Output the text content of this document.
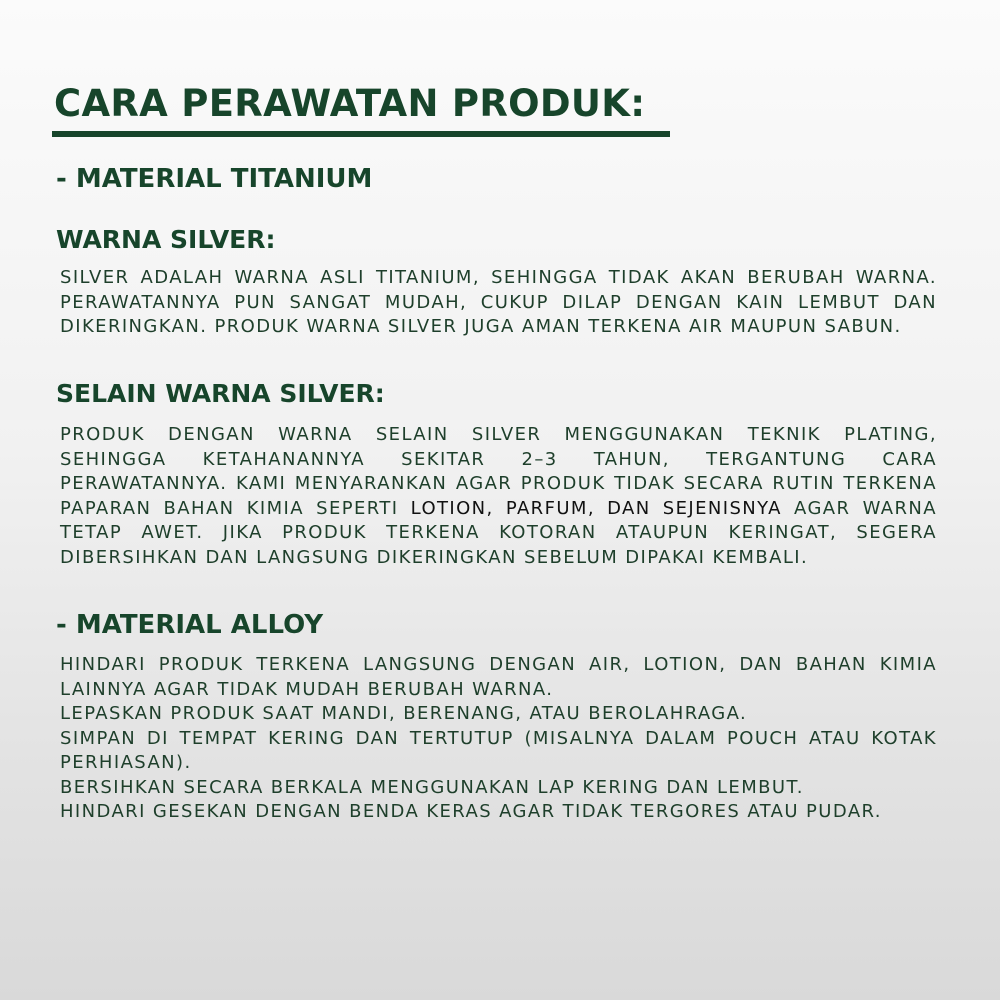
CARA PERAWATAN PRODUK:
- MATERIAL TITANIUM
WARNA SILVER:

SILVER ADALAH WARNA ASLI TITANIUM, SEHINGGA TIDAK AKAN BERUBAH WARNA. PERAWATANNYA PUN SANGAT MUDAH, CUKUP DILAP DENGAN KAIN LEMBUT DAN DIKERINGKAN. PRODUK WARNA SILVER JUGA AMAN TERKENA AIR MAUPUN SABUN.

SELAIN WARNA SILVER:

PRODUK DENGAN WARNA SELAIN SILVER MENGGUNAKAN TEKNIK PLATING, SEHINGGA KETAHANANNYA SEKITAR 2–3 TAHUN, TERGANTUNG CARA PERAWATANNYA. KAMI MENYARANKAN AGAR PRODUK TIDAK SECARA RUTIN TERKENA PAPARAN BAHAN KIMIA SEPERTI LOTION, PARFUM, DAN SEJENISNYA AGAR WARNA TETAP AWET. JIKA PRODUK TERKENA KOTORAN ATAUPUN KERINGAT, SEGERA DIBERSIHKAN DAN LANGSUNG DIKERINGKAN SEBELUM DIPAKAI KEMBALI.

- MATERIAL ALLOY
HINDARI PRODUK TERKENA LANGSUNG DENGAN AIR, LOTION, DAN BAHAN KIMIA LAINNYA AGAR TIDAK MUDAH BERUBAH WARNA.
LEPASKAN PRODUK SAAT MANDI, BERENANG, ATAU BEROLAHRAGA.
SIMPAN DI TEMPAT KERING DAN TERTUTUP (MISALNYA DALAM POUCH ATAU KOTAK PERHIASAN).
BERSIHKAN SECARA BERKALA MENGGUNAKAN LAP KERING DAN LEMBUT.
HINDARI GESEKAN DENGAN BENDA KERAS AGAR TIDAK TERGORES ATAU PUDAR.
